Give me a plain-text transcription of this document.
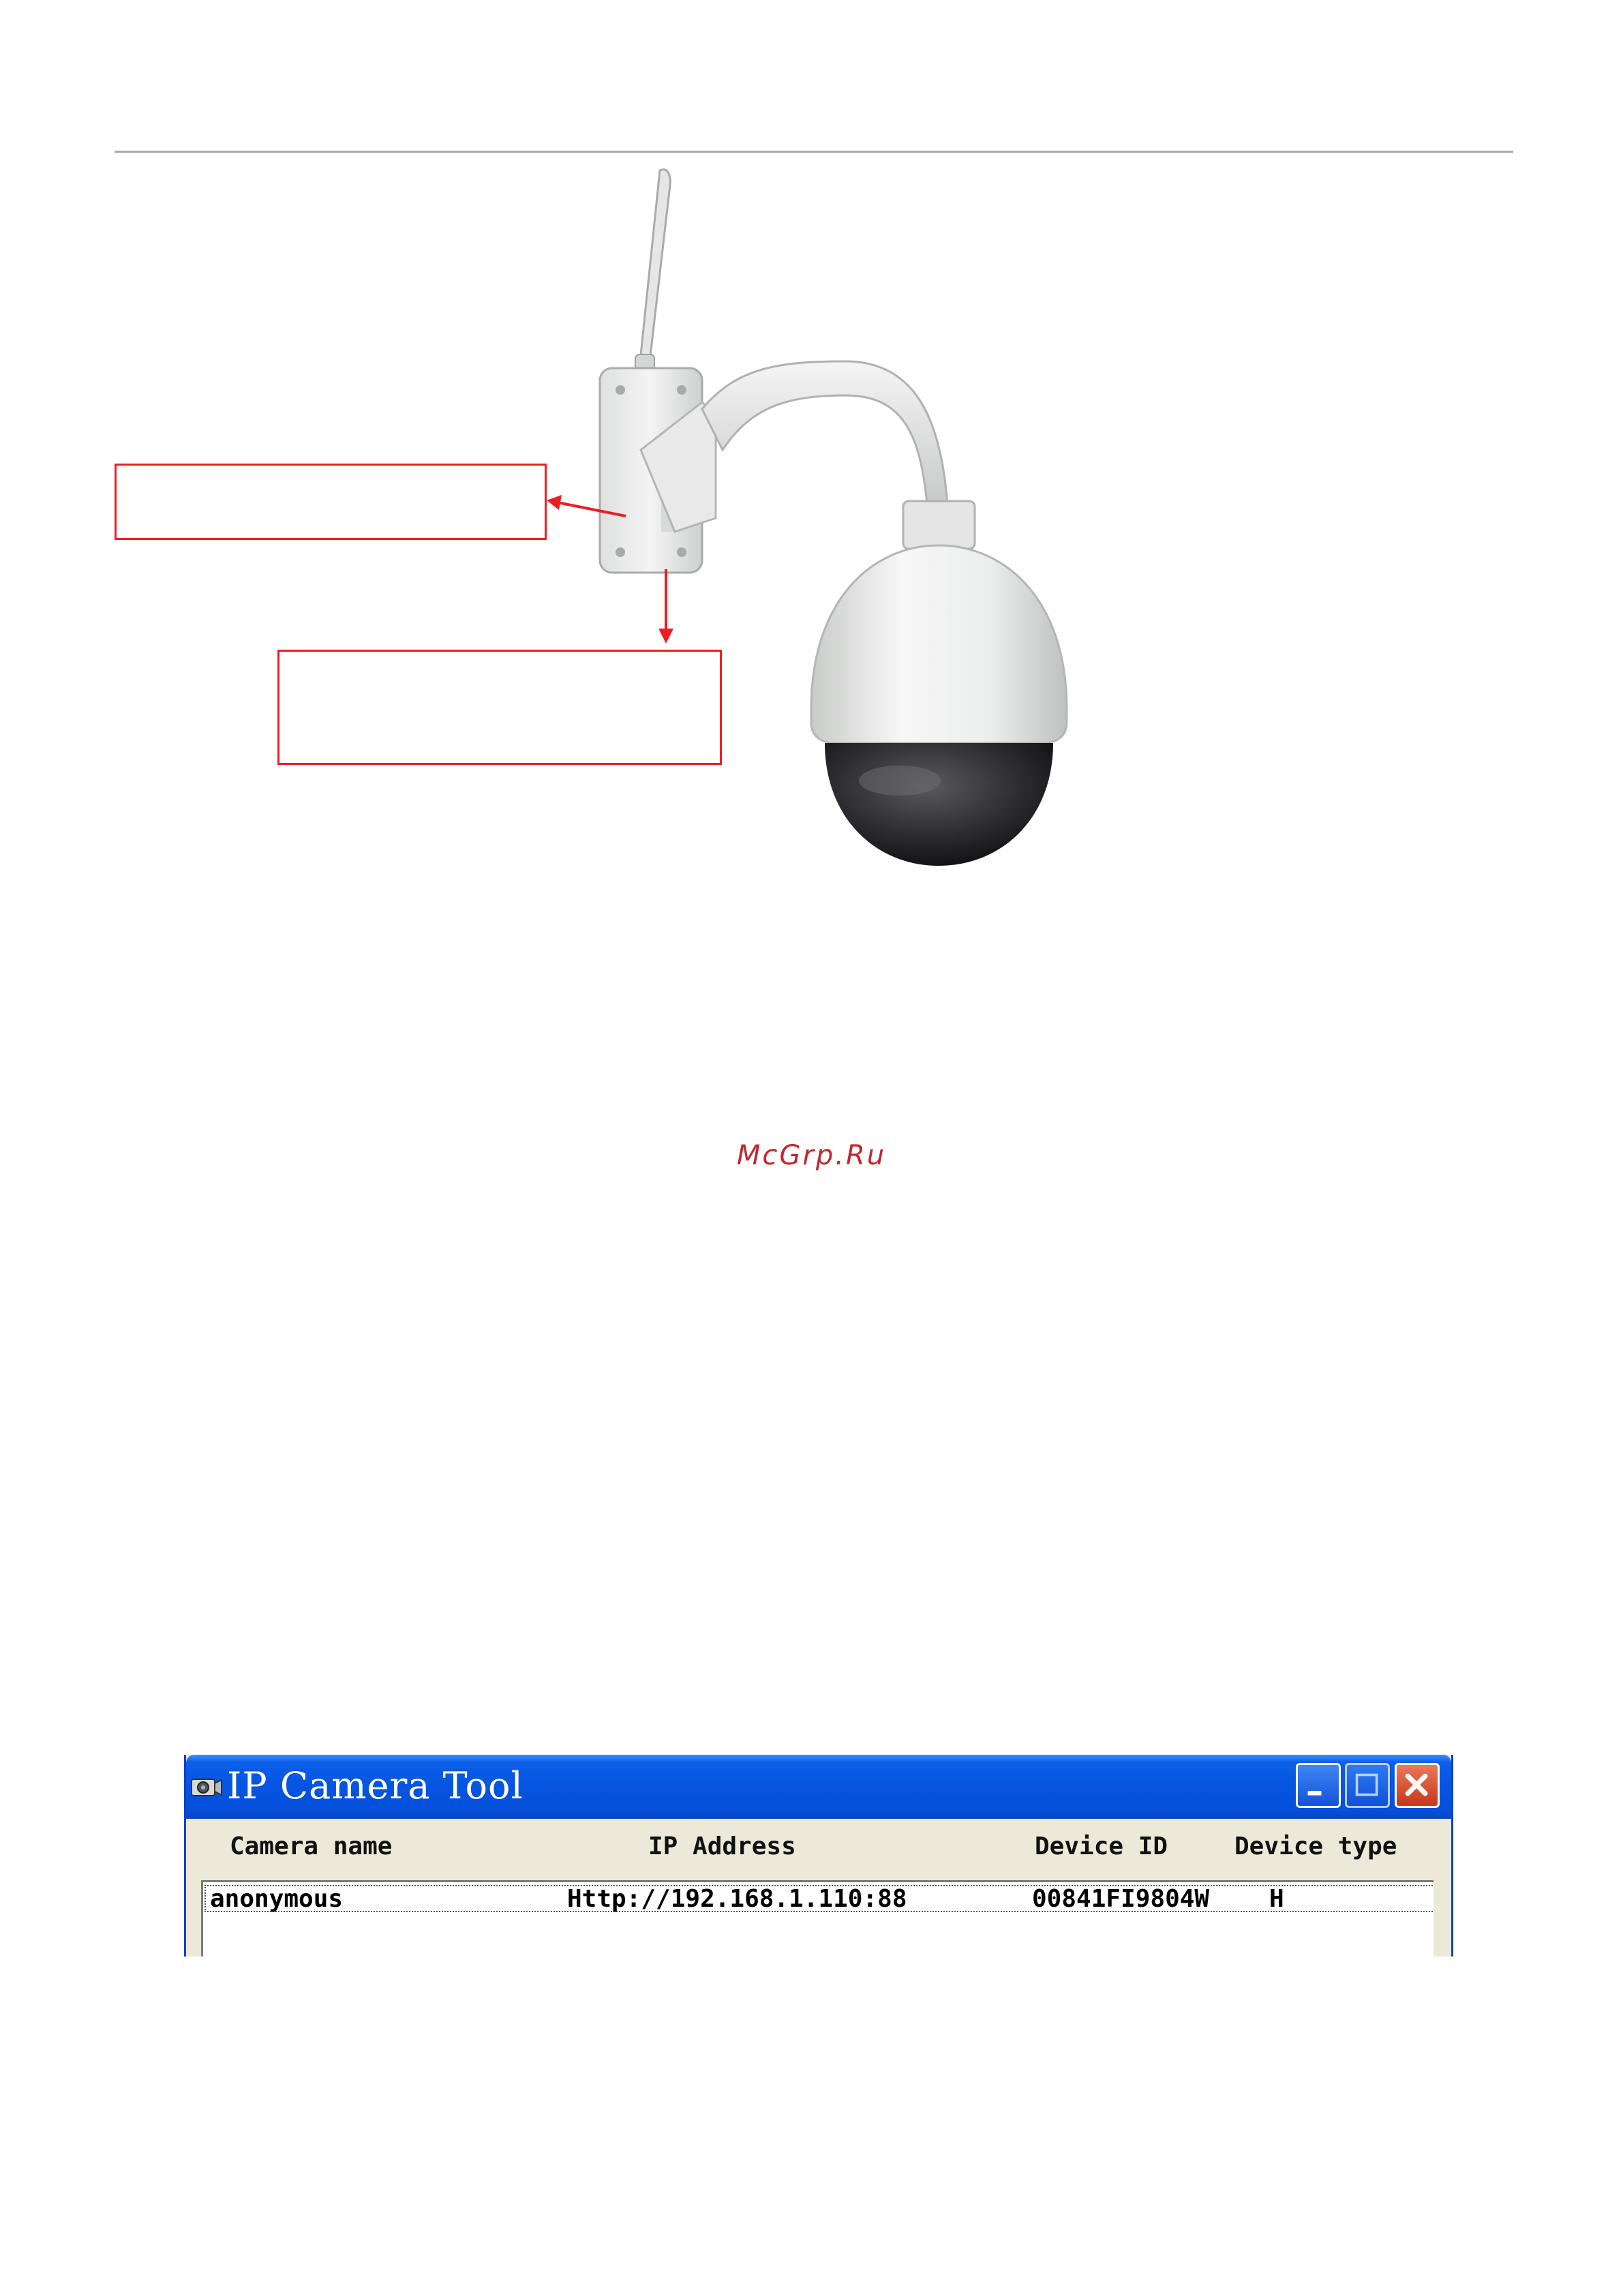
McGrp.Ru
IP Camera Tool
Camera name	IP Address	Device ID	Device type
anonymous	Http://192.168.1.110:88	00841FI9804W H
